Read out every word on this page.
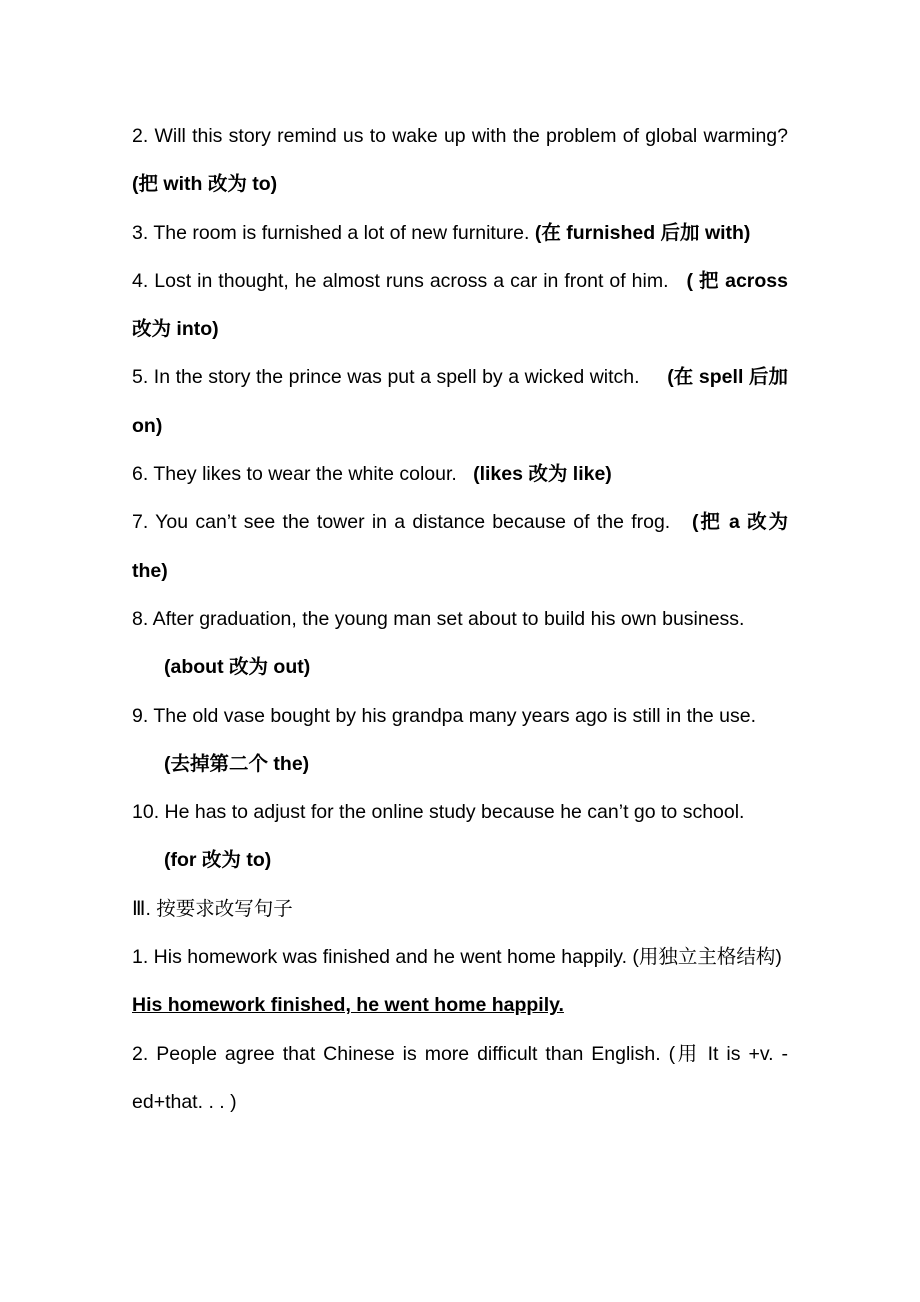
2. Will this story remind us to wake up with the problem of global warming? (把 with 改为 to)

3. The room is furnished a lot of new furniture. (在 furnished 后加 with)

4. Lost in thought, he almost runs across a car in front of him. ( 把 across 改为 into)

5. In the story the prince was put a spell by a wicked witch. (在 spell 后加 on)

6. They likes to wear the white colour. (likes 改为 like)

7. You can’t see the tower in a distance because of the frog. (把 a 改为 the)

8. After graduation, the young man set about to build his own business.

(about 改为 out)

9. The old vase bought by his grandpa many years ago is still in the use.

(去掉第二个 the)

10. He has to adjust for the online study because he can’t go to school.

(for 改为 to)

Ⅲ. 按要求改写句子

1. His homework was finished and he went home happily. (用独立主格结构)

His homework finished, he went home happily.

2. People agree that Chinese is more difficult than English. (用 It is +v. -ed+that. . . )
